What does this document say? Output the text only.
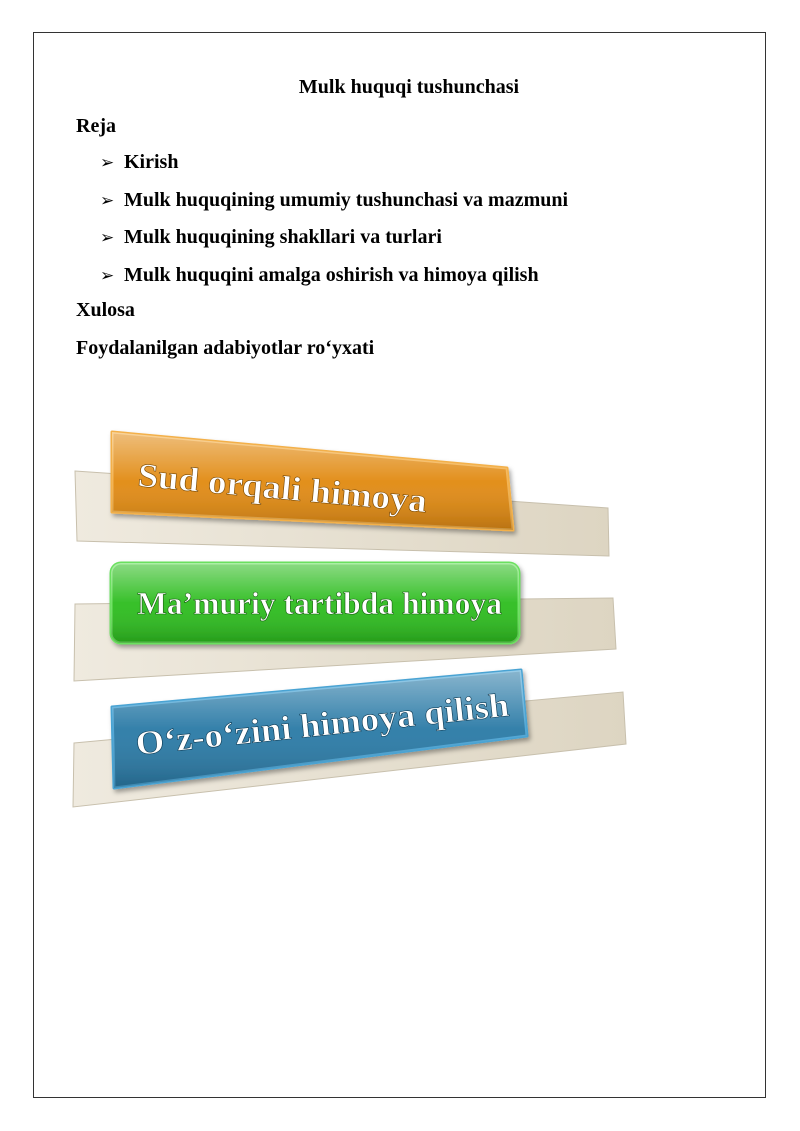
Mulk huquqi tushunchasi
Reja
➢ Kirish
➢ Mulk huquqining umumiy tushunchasi va mazmuni
➢ Mulk huquqining shakllari va turlari
➢ Mulk huquqini amalga oshirish va himoya qilish
Xulosa
Foydalanilgan adabiyotlar ro‘yxati
Sud orqali himoya
Ma’muriy tartibda himoya
O‘z-o‘zini himoya qilish
